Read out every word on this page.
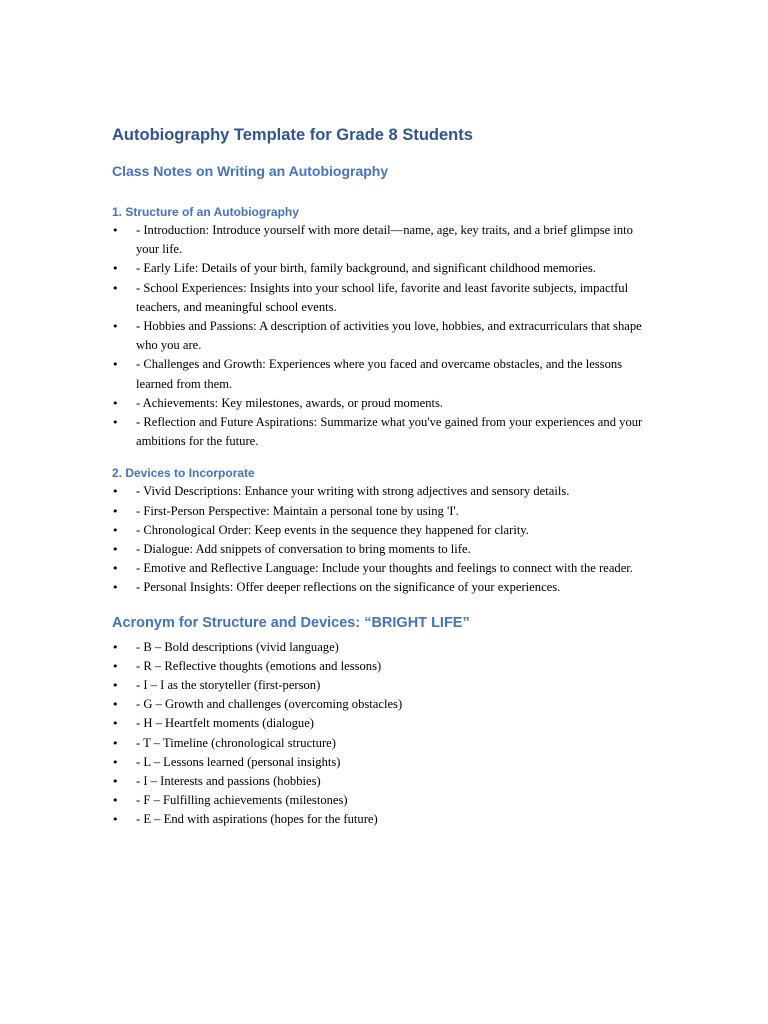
Autobiography Template for Grade 8 Students
Class Notes on Writing an Autobiography
1. Structure of an Autobiography
• - Introduction: Introduce yourself with more detail—name, age, key traits, and a brief glimpse into your life.
• - Early Life: Details of your birth, family background, and significant childhood memories.
• - School Experiences: Insights into your school life, favorite and least favorite subjects, impactful teachers, and meaningful school events.
• - Hobbies and Passions: A description of activities you love, hobbies, and extracurriculars that shape who you are.
• - Challenges and Growth: Experiences where you faced and overcame obstacles, and the lessons learned from them.
• - Achievements: Key milestones, awards, or proud moments.
• - Reflection and Future Aspirations: Summarize what you've gained from your experiences and your ambitions for the future.
2. Devices to Incorporate
• - Vivid Descriptions: Enhance your writing with strong adjectives and sensory details.
• - First-Person Perspective: Maintain a personal tone by using 'I'.
• - Chronological Order: Keep events in the sequence they happened for clarity.
• - Dialogue: Add snippets of conversation to bring moments to life.
• - Emotive and Reflective Language: Include your thoughts and feelings to connect with the reader.
• - Personal Insights: Offer deeper reflections on the significance of your experiences.
Acronym for Structure and Devices: “BRIGHT LIFE”
• - B – Bold descriptions (vivid language)
• - R – Reflective thoughts (emotions and lessons)
• - I – I as the storyteller (first-person)
• - G – Growth and challenges (overcoming obstacles)
• - H – Heartfelt moments (dialogue)
• - T – Timeline (chronological structure)
• - L – Lessons learned (personal insights)
• - I – Interests and passions (hobbies)
• - F – Fulfilling achievements (milestones)
• - E – End with aspirations (hopes for the future)
